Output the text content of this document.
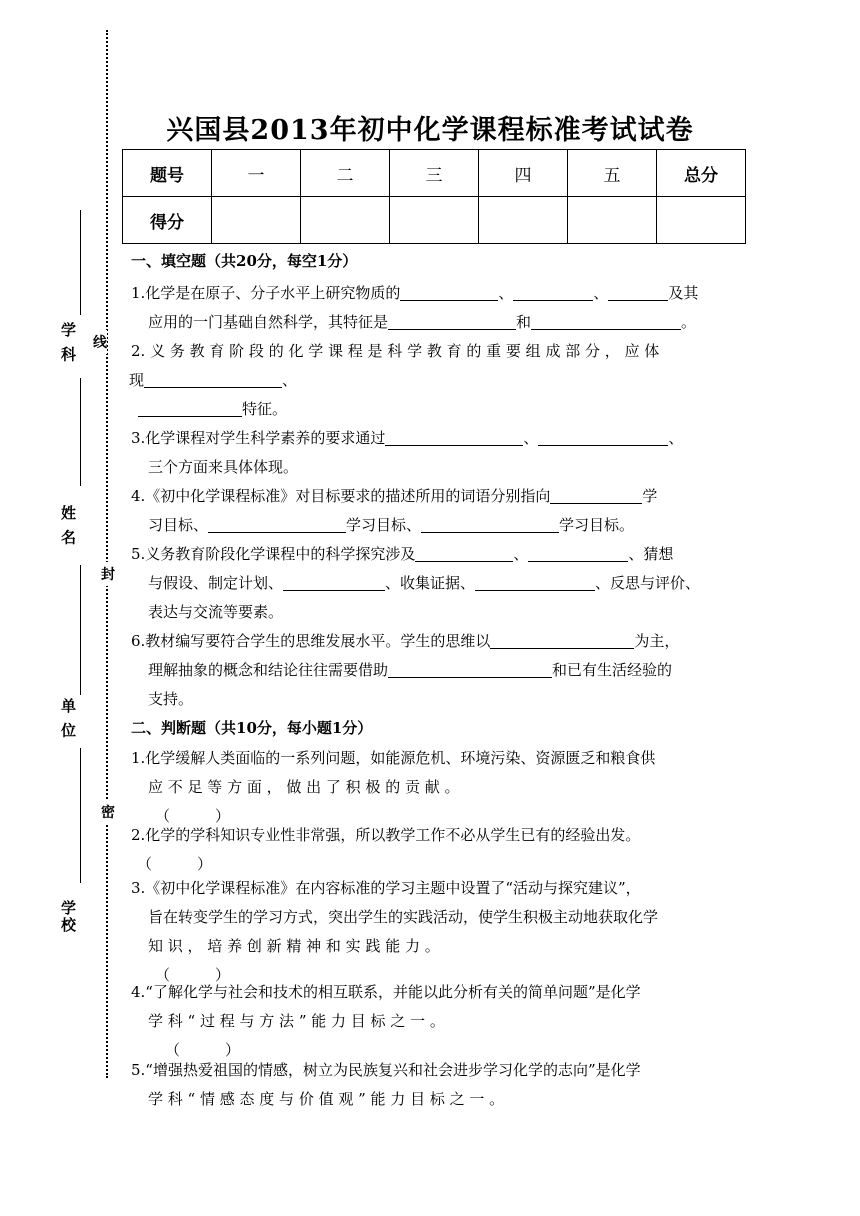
线
封
密
学 科
姓 名
单 位
学校
兴国县2013年初中化学课程标准考试试卷
题号	一	二	三	四	五	总分
得分						
一、填空题（共20分，每空1分）
1.化学是在原子、分子水平上研究物质的	、	、	及其
应用的一门基础自然科学，其特征是	和	。
2. 义 务 教 育 阶 段 的 化 学 课 程 是 科 学 教 育 的 重 要 组 成 部 分 ， 应 体
现	、
特征。
3.化学课程对学生科学素养的要求通过	、	、
三个方面来具体体现。
4.《初中化学课程标准》对目标要求的描述所用的词语分别指向	学
习目标、	学习目标、	学习目标。
5.义务教育阶段化学课程中的科学探究涉及	、	、猜想
与假设、制定计划、	、收集证据、	、反思与评价、
表达与交流等要素。
6.教材编写要符合学生的思维发展水平。学生的思维以	为主，
理解抽象的概念和结论往往需要借助	和已有生活经验的
支持。
二、判断题（共10分，每小题1分）
1.化学缓解人类面临的一系列问题，如能源危机、环境污染、资源匮乏和粮食供
应 不 足 等 方 面 ， 做 出 了 积 极 的 贡 献 。
（　　　）
2.化学的学科知识专业性非常强，所以教学工作不必从学生已有的经验出发。
（　　　）
3.《初中化学课程标准》在内容标准的学习主题中设置了“活动与探究建议”，
旨在转变学生的学习方式，突出学生的实践活动，使学生积极主动地获取化学
知 识 ， 培 养 创 新 精 神 和 实 践 能 力 。
（　　　）
4.“了解化学与社会和技术的相互联系，并能以此分析有关的简单问题”是化学
学 科 “ 过 程 与 方 法 ” 能 力 目 标 之 一 。
（　　　）
5.“增强热爱祖国的情感，树立为民族复兴和社会进步学习化学的志向”是化学
学 科 “ 情 感 态 度 与 价 值 观 ” 能 力 目 标 之 一 。
